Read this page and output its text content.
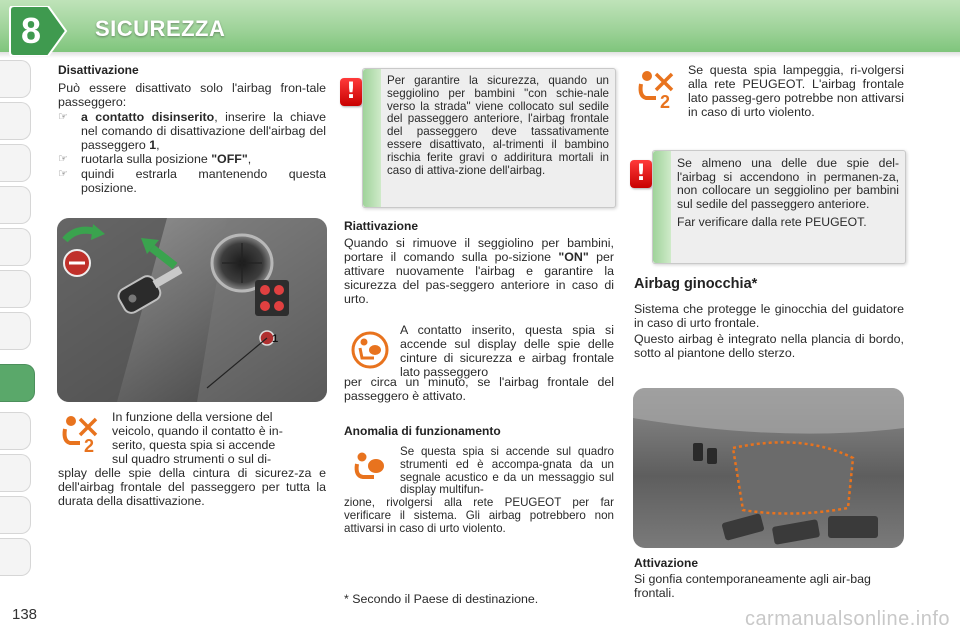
8 SICUREZZA
138
Disattivazione
Può essere disattivato solo l'airbag fron-tale passeggero:
☞ a contatto disinserito, inserire la chiave nel comando di disattivazione dell'airbag del passeggero 1,
☞ ruotarla sulla posizione "OFF",
☞ quindi estrarla mantenendo questa posizione.
1
2
In funzione della versione del
veicolo, quando il contatto è in-
serito, questa spia si accende
sul quadro strumenti o sul di-
splay delle spie della cintura di sicurez-za e dell'airbag frontale del passeggero per tutta la durata della disattivazione.
!	Per garantire la sicurezza, quando un seggiolino per bambini "con schie-nale verso la strada" viene collocato sul sedile del passeggero anteriore, l'airbag frontale del passeggero deve tassativamente essere disattivato, al-trimenti il bambino rischia ferite gravi o addiritura mortali in caso di attiva-zione dell'airbag.
Riattivazione
Quando si rimuove il seggiolino per bambini, portare il comando sulla po-sizione "ON" per attivare nuovamente l'airbag e garantire la sicurezza del pas-seggero anteriore in caso di urto.
A contatto inserito, questa spia si accende sul display delle spie delle cinture di sicurezza e airbag frontale lato passeggero
per circa un minuto, se l'airbag frontale del passeggero è attivato.
Anomalia di funzionamento
Se questa spia si accende sul quadro strumenti ed è accompa-gnata da un segnale acustico e da un messaggio sul display multifun-
zione, rivolgersi alla rete PEUGEOT per far verificare il sistema. Gli airbag potrebbero non attivarsi in caso di urto violento.
* Secondo il Paese di destinazione.
2
Se questa spia lampeggia, ri-volgersi alla rete PEUGEOT. L'airbag frontale lato passeg-gero potrebbe non attivarsi in caso di urto violento.
!	Se almeno una delle due spie del-l'airbag si accendono in permanen-za, non collocare un seggiolino per bambini sul sedile del passeggero anteriore.
Far verificare dalla rete PEUGEOT.
Airbag ginocchia*
Sistema che protegge le ginocchia del guidatore in caso di urto frontale.
Questo airbag è integrato nella plancia di bordo, sotto al piantone dello sterzo.
Attivazione
Si gonfia contemporaneamente agli air-bag frontali.
carmanualsonline.info
